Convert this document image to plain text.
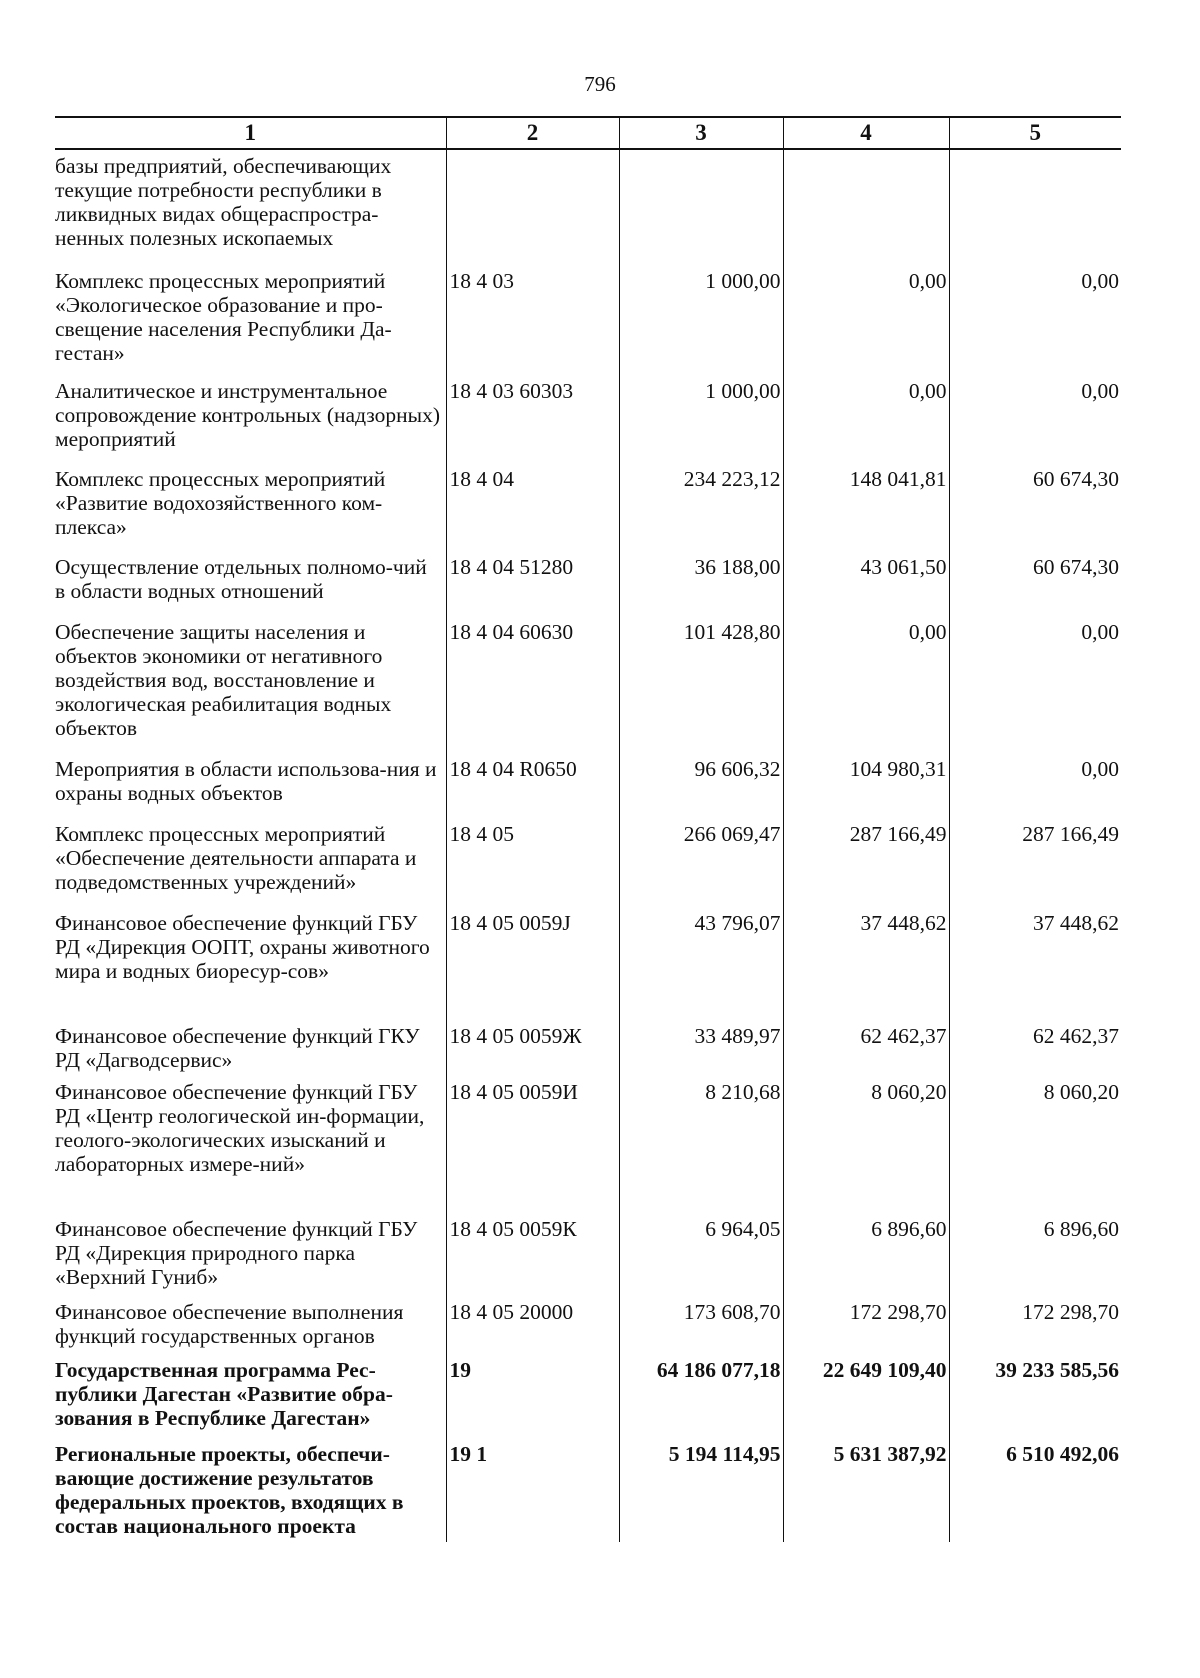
796
1	2	3	4	5
базы предприятий, обеспечивающих текущие потребности республики в ликвидных видах общераспростра-ненных полезных ископаемых				
Комплекс процессных мероприятий «Экологическое образование и про-свещение населения Республики Да-гестан»	18 4 03	1 000,00	0,00	0,00
Аналитическое и инструментальное сопровождение контрольных (надзорных) мероприятий	18 4 03 60303	1 000,00	0,00	0,00
Комплекс процессных мероприятий «Развитие водохозяйственного ком-плекса»	18 4 04	234 223,12	148 041,81	60 674,30
Осуществление отдельных полномо-чий в области водных отношений	18 4 04 51280	36 188,00	43 061,50	60 674,30
Обеспечение защиты населения и объектов экономики от негативного воздействия вод, восстановление и экологическая реабилитация водных объектов	18 4 04 60630	101 428,80	0,00	0,00
Мероприятия в области использова-ния и охраны водных объектов	18 4 04 R0650	96 606,32	104 980,31	0,00
Комплекс процессных мероприятий «Обеспечение деятельности аппарата и подведомственных учреждений»	18 4 05	266 069,47	287 166,49	287 166,49
Финансовое обеспечение функций ГБУ РД «Дирекция ООПТ, охраны животного мира и водных биоресур-сов»	18 4 05 0059J	43 796,07	37 448,62	37 448,62
Финансовое обеспечение функций ГКУ РД «Дагводсервис»	18 4 05 0059Ж	33 489,97	62 462,37	62 462,37
Финансовое обеспечение функций ГБУ РД «Центр геологической ин-формации, геолого-экологических изысканий и лабораторных измере-ний»	18 4 05 0059И	8 210,68	8 060,20	8 060,20
Финансовое обеспечение функций ГБУ РД «Дирекция природного парка «Верхний Гуниб»	18 4 05 0059К	6 964,05	6 896,60	6 896,60
Финансовое обеспечение выполнения функций государственных органов	18 4 05 20000	173 608,70	172 298,70	172 298,70
Государственная программа Рес-публики Дагестан «Развитие обра-зования в Республике Дагестан»	19	64 186 077,18	22 649 109,40	39 233 585,56
Региональные проекты, обеспечи-вающие достижение результатов федеральных проектов, входящих в состав национального проекта	19 1	5 194 114,95	5 631 387,92	6 510 492,06
